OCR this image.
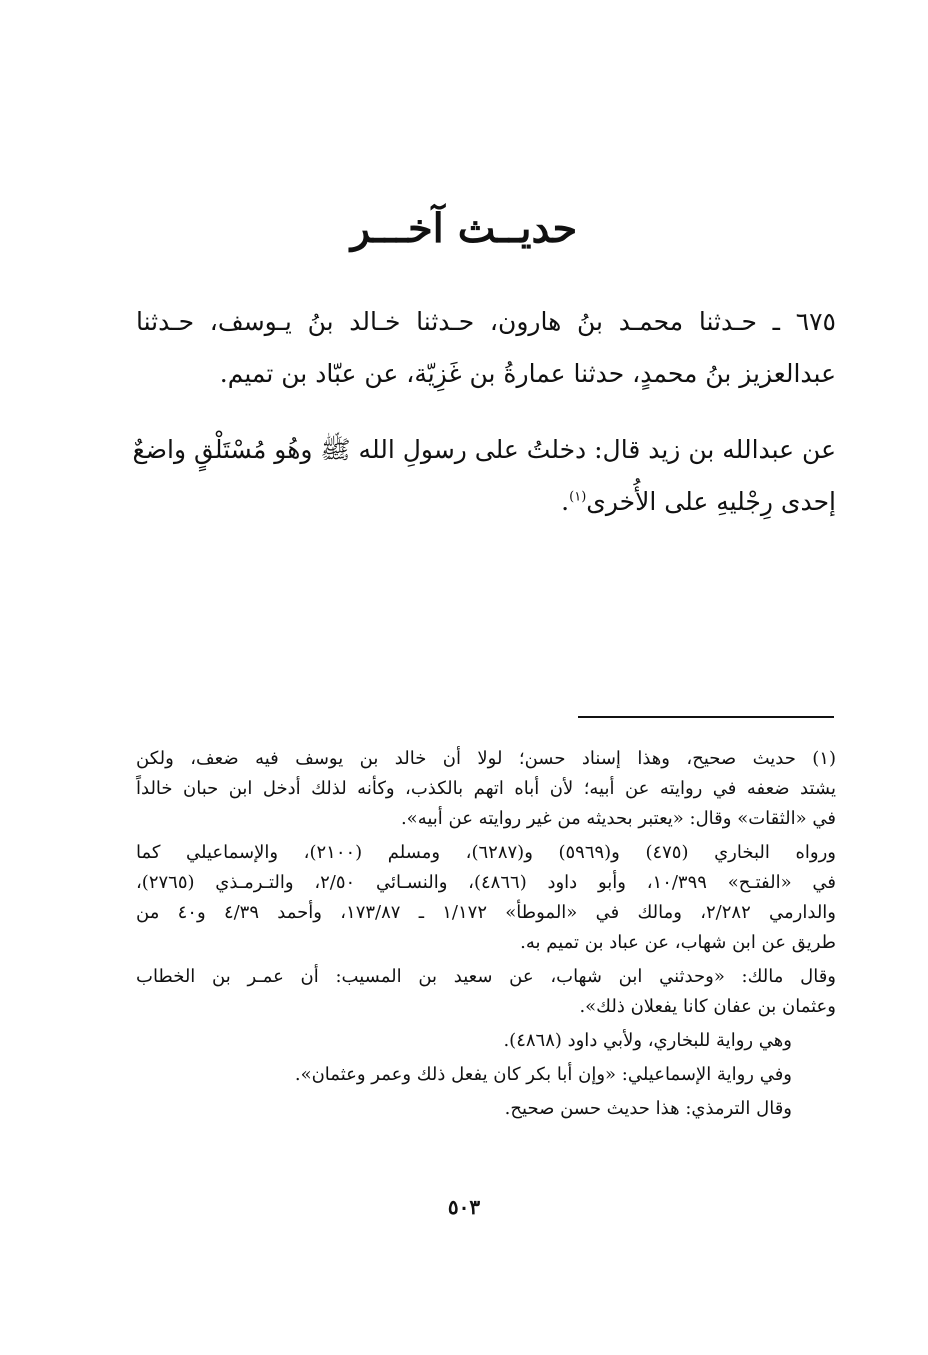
حديــث آخـــر
٦٧٥ ـ حـدثنا محمـد بنُ هارون، حـدثنا خـالد بنُ يـوسف، حـدثنا
عبدالعزيز بنُ محمدٍ، حدثنا عمارةُ بن غَزِيّة، عن عبّاد بن تميم.
عن عبدالله بن زيد قال: دخلتُ على رسولِ الله ﷺ وهُو مُسْتَلْقٍ واضعٌ
إحدى رِجْليهِ على الأُخرى$^{(١)}$.
(١) حديث صحيح، وهذا إسناد حسن؛ لولا أن خالد بن يوسف فيه ضعف، ولكن
يشتد ضعفه في روايته عن أبيه؛ لأن أباه اتهم بالكذب، وكأنه لذلك أدخل ابن حبان خالداً
في «الثقات» وقال: «يعتبر بحديثه من غير روايته عن أبيه».
ورواه البخاري (٤٧٥) و(٥٩٦٩) و(٦٢٨٧)، ومسلم (٢١٠٠)، والإسماعيلي كما
في «الفتـح» ١٠/٣٩٩، وأبو داود (٤٨٦٦)، والنسـائي ٢/٥٠، والتـرمـذي (٢٧٦٥)،
والدارمي ٢/٢٨٢، ومالك في «الموطأ» ١/١٧٢ ـ ١٧٣/٨٧، وأحمد ٤/٣٩ و٤٠ من
طريق عن ابن شهاب، عن عباد بن تميم به.
وقال مالك: «وحدثني ابن شهاب، عن سعيد بن المسيب: أن عمـر بن الخطاب
وعثمان بن عفان كانا يفعلان ذلك».
وهي رواية للبخاري، ولأبي داود (٤٨٦٨).
وفي رواية الإسماعيلي: «وإن أبا بكر كان يفعل ذلك وعمر وعثمان».
وقال الترمذي: هذا حديث حسن صحيح.
٥٠٣
